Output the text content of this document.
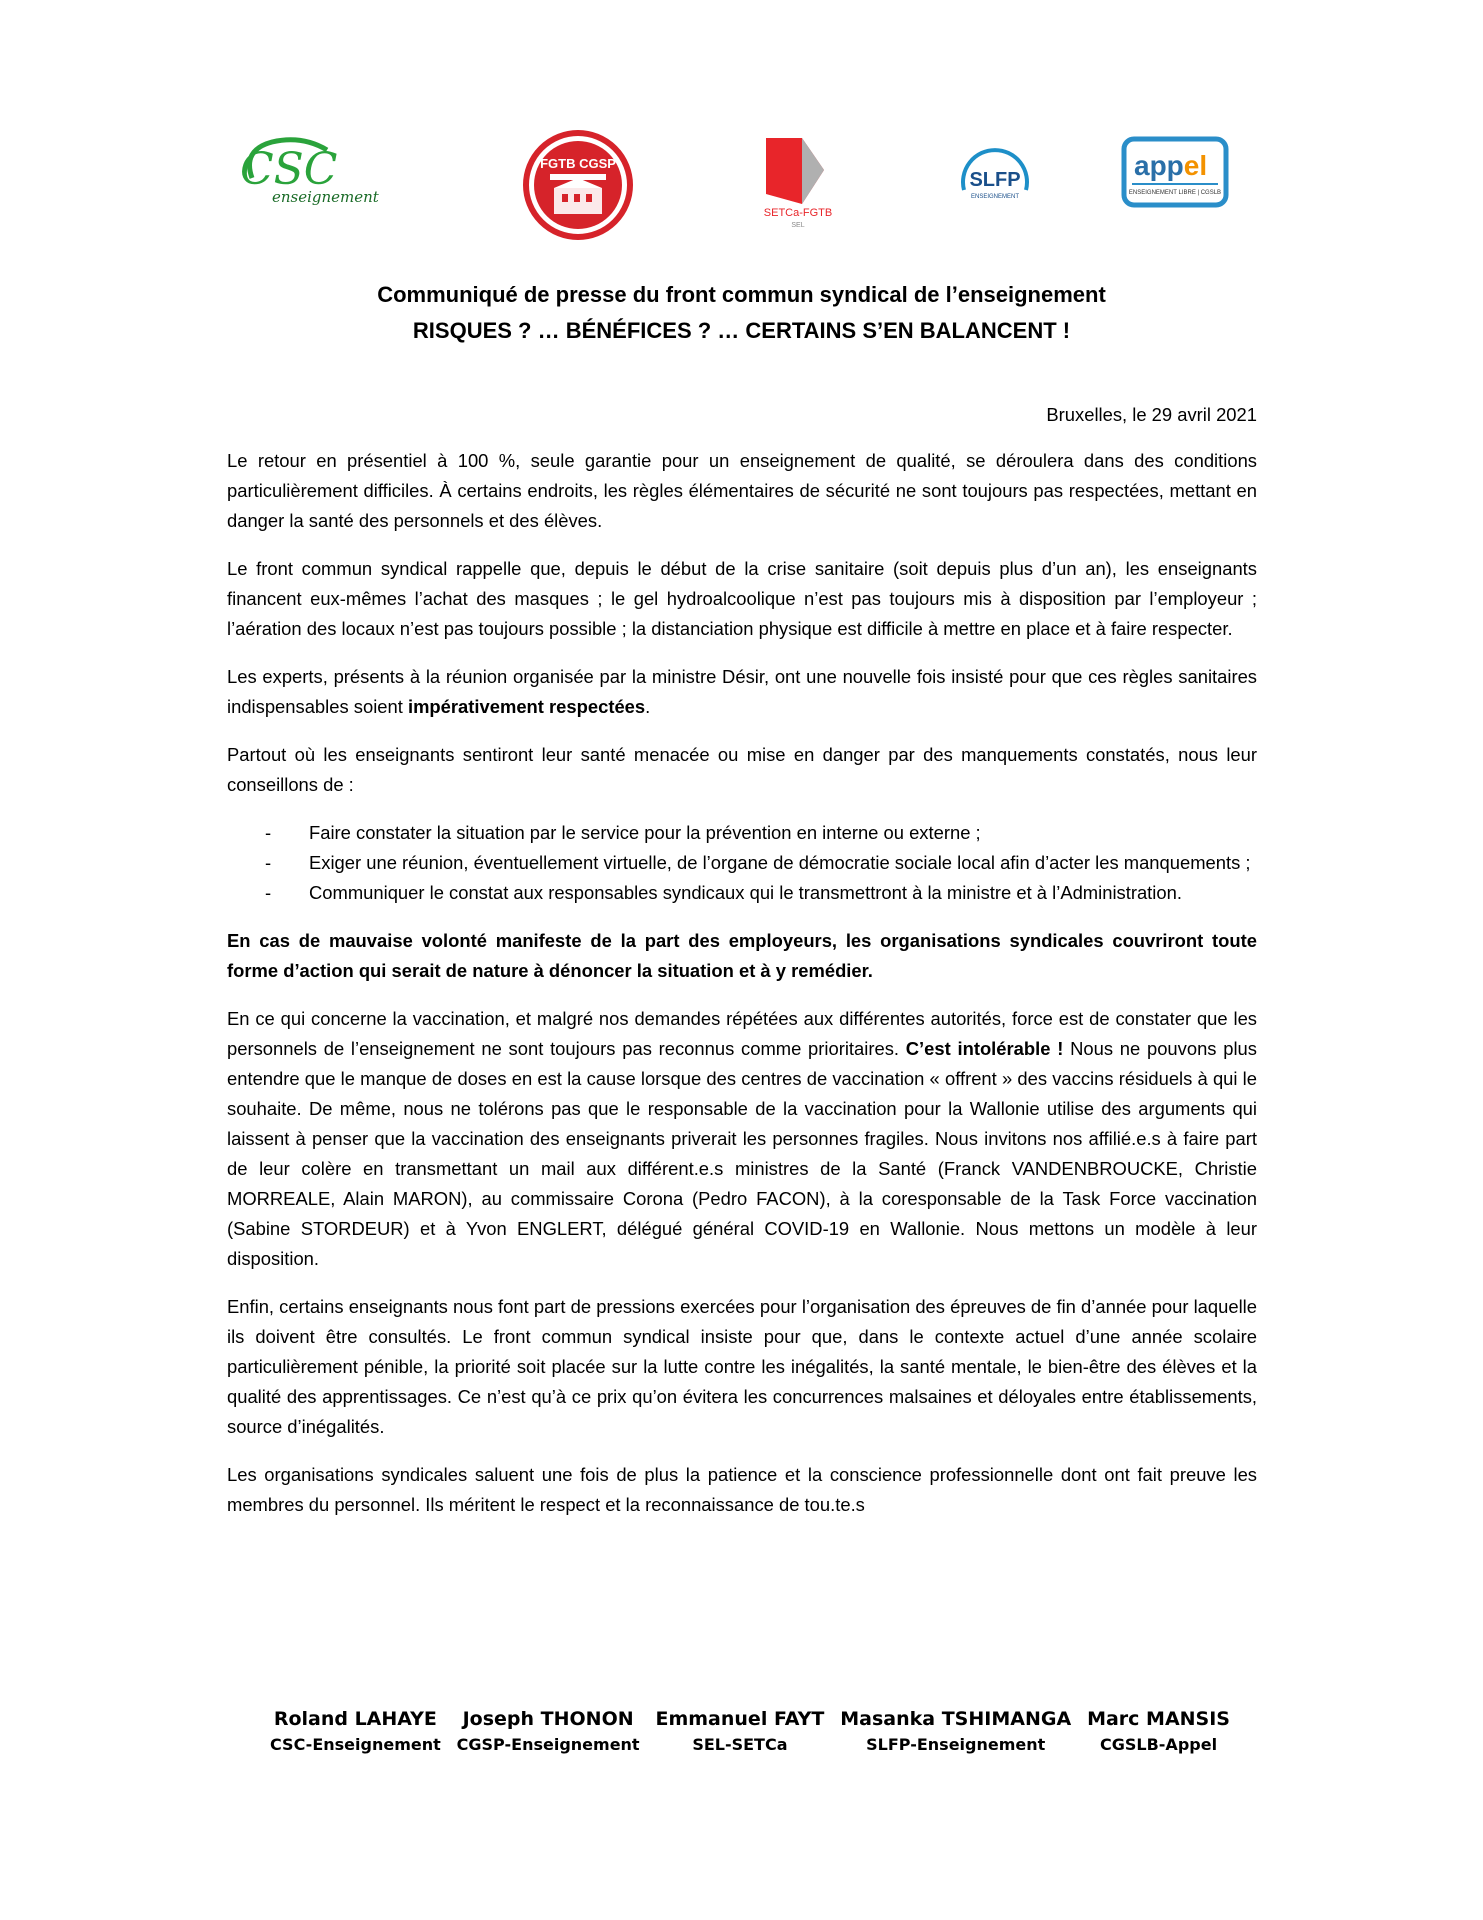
CSC
enseignement
FGTB CGSP
SETCa-FGTB
SEL
SLFP
ENSEIGNEMENT
appel
ENSEIGNEMENT LIBRE | CGSLB
Communiqué de presse du front commun syndical de l’enseignement
RISQUES ? … BÉNÉFICES ? … CERTAINS S’EN BALANCENT !
Bruxelles, le 29 avril 2021

Le retour en présentiel à 100 %, seule garantie pour un enseignement de qualité, se déroulera dans des conditions particulièrement difficiles. À certains endroits, les règles élémentaires de sécurité ne sont toujours pas respectées, mettant en danger la santé des personnels et des élèves.

Le front commun syndical rappelle que, depuis le début de la crise sanitaire (soit depuis plus d’un an), les enseignants financent eux-mêmes l’achat des masques ; le gel hydroalcoolique n’est pas toujours mis à disposition par l’employeur ; l’aération des locaux n’est pas toujours possible ; la distanciation physique est difficile à mettre en place et à faire respecter.

Les experts, présents à la réunion organisée par la ministre Désir, ont une nouvelle fois insisté pour que ces règles sanitaires indispensables soient impérativement respectées.

Partout où les enseignants sentiront leur santé menacée ou mise en danger par des manquements constatés, nous leur conseillons de :

- Faire constater la situation par le service pour la prévention en interne ou externe ;
- Exiger une réunion, éventuellement virtuelle, de l’organe de démocratie sociale local afin d’acter les manquements ;
- Communiquer le constat aux responsables syndicaux qui le transmettront à la ministre et à l’Administration.

En cas de mauvaise volonté manifeste de la part des employeurs, les organisations syndicales couvriront toute forme d’action qui serait de nature à dénoncer la situation et à y remédier.

En ce qui concerne la vaccination, et malgré nos demandes répétées aux différentes autorités, force est de constater que les personnels de l’enseignement ne sont toujours pas reconnus comme prioritaires. C’est intolérable ! Nous ne pouvons plus entendre que le manque de doses en est la cause lorsque des centres de vaccination « offrent » des vaccins résiduels à qui le souhaite. De même, nous ne tolérons pas que le responsable de la vaccination pour la Wallonie utilise des arguments qui laissent à penser que la vaccination des enseignants priverait les personnes fragiles. Nous invitons nos affilié.e.s à faire part de leur colère en transmettant un mail aux différent.e.s ministres de la Santé (Franck VANDENBROUCKE, Christie MORREALE, Alain MARON), au commissaire Corona (Pedro FACON), à la coresponsable de la Task Force vaccination (Sabine STORDEUR) et à Yvon ENGLERT, délégué général COVID-19 en Wallonie. Nous mettons un modèle à leur disposition.

Enfin, certains enseignants nous font part de pressions exercées pour l’organisation des épreuves de fin d’année pour laquelle ils doivent être consultés. Le front commun syndical insiste pour que, dans le contexte actuel d’une année scolaire particulièrement pénible, la priorité soit placée sur la lutte contre les inégalités, la santé mentale, le bien-être des élèves et la qualité des apprentissages. Ce n’est qu’à ce prix qu’on évitera les concurrences malsaines et déloyales entre établissements, source d’inégalités.

Les organisations syndicales saluent une fois de plus la patience et la conscience professionnelle dont ont fait preuve les membres du personnel. Ils méritent le respect et la reconnaissance de tou.te.s

Roland LAHAYE
CSC-Enseignement
Joseph THONON
CGSP-Enseignement
Emmanuel FAYT
SEL-SETCa
Masanka TSHIMANGA
SLFP-Enseignement
Marc MANSIS
CGSLB-Appel
